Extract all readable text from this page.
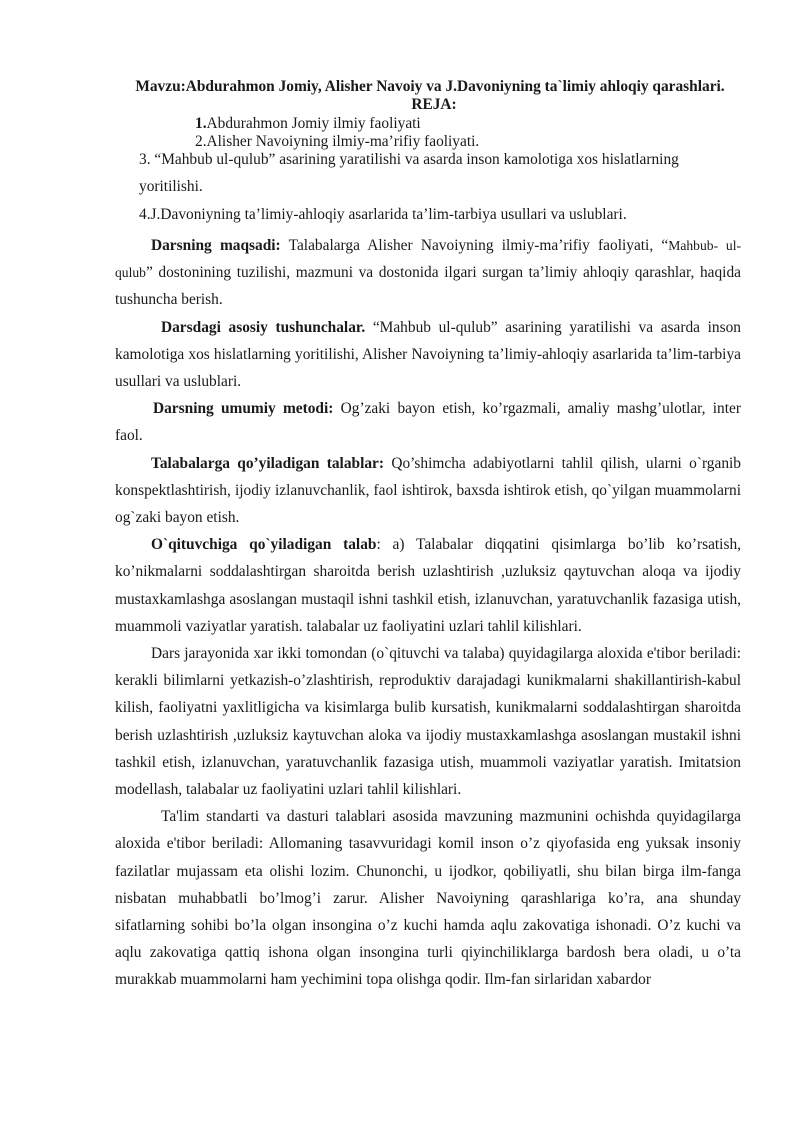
Mavzu:Abdurahmon Jomiy, Alisher Navoiy va J.Davoniyning ta`limiy ahloqiy qarashlari.
REJA:
1.Abdurahmon Jomiy ilmiy faoliyati
2.Alisher Navoiyning ilmiy-ma’rifiy faoliyati.
3. “Mahbub ul-qulub” asarining yaratilishi va asarda inson kamolotiga xos hislatlarning
yoritilishi.
4.J.Davoniyning ta’limiy-ahloqiy asarlarida ta’lim-tarbiya usullari va uslublari.

Darsning maqsadi: Talabalarga Alisher Navoiyning ilmiy-ma’rifiy faoliyati, “Mahbub- ul-qulub” dostonining tuzilishi, mazmuni va dostonida ilgari surgan ta’limiy ahloqiy qarashlar, haqida tushuncha berish.

Darsdagi asosiy tushunchalar. “Mahbub ul-qulub” asarining yaratilishi va asarda inson kamolotiga xos hislatlarning yoritilishi, Alisher Navoiyning ta’limiy-ahloqiy asarlarida ta’lim-tarbiya usullari va uslublari.

Darsning umumiy metodi: Og’zaki bayon etish, ko’rgazmali, amaliy mashg’ulotlar, inter faol.

Talabalarga qo’yiladigan talablar: Qo’shimcha adabiyotlarni tahlil qilish, ularni o`rganib konspektlashtirish, ijodiy izlanuvchanlik, faol ishtirok, baxsda ishtirok etish, qo`yilgan muammolarni og`zaki bayon etish.

O`qituvchiga qo`yiladigan talab: a) Talabalar diqqatini qisimlarga bo’lib ko’rsatish, ko’nikmalarni soddalashtirgan sharoitda berish uzlashtirish ,uzluksiz qaytuvchan aloqa va ijodiy mustaxkamlashga asoslangan mustaqil ishni tashkil etish, izlanuvchan, yaratuvchanlik fazasiga utish, muammoli vaziyatlar yaratish. talabalar uz faoliyatini uzlari tahlil kilishlari.

Dars jarayonida xar ikki tomondan (o`qituvchi va talaba) quyidagilarga aloxida e'tibor beriladi: kerakli bilimlarni yetkazish-o’zlashtirish, reproduktiv darajadagi kunikmalarni shakillantirish-kabul kilish, faoliyatni yaxlitligicha va kisimlarga bulib kursatish, kunikmalarni soddalashtirgan sharoitda berish uzlashtirish ,uzluksiz kaytuvchan aloka va ijodiy mustaxkamlashga asoslangan mustakil ishni tashkil etish, izlanuvchan, yaratuvchanlik fazasiga utish, muammoli vaziyatlar yaratish. Imitatsion modellash, talabalar uz faoliyatini uzlari tahlil kilishlari.

Ta'lim standarti va dasturi talablari asosida mavzuning mazmunini ochishda quyidagilarga aloxida e'tibor beriladi: Allomaning tasavvuridagi komil inson o’z qiyofasida eng yuksak insoniy fazilatlar mujassam eta olishi lozim. Chunonchi, u ijodkor, qobiliyatli, shu bilan birga ilm-fanga nisbatan muhabbatli bo’lmog’i zarur. Alisher Navoiyning qarashlariga ko’ra, ana shunday sifatlarning sohibi bo’la olgan insongina o’z kuchi hamda aqlu zakovatiga ishonadi. O’z kuchi va aqlu zakovatiga qattiq ishona olgan insongina turli qiyinchiliklarga bardosh bera oladi, u o’ta murakkab muammolarni ham yechimini topa olishga qodir. Ilm-fan sirlaridan xabardor
